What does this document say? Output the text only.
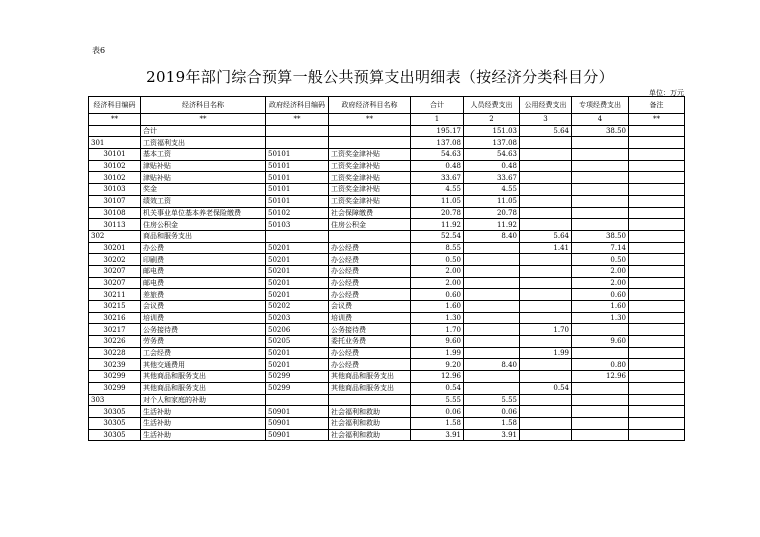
表6
2019年部门综合预算一般公共预算支出明细表（按经济分类科目分）
单位：万元
经济科目编码	经济科目名称	政府经济科目编码	政府经济科目名称	合计	人员经费支出	公用经费支出	专项经费支出	备注
**	**	**	**	1	2	3	4	**
	合计			195.17	151.03	5.64	38.50	
301	工资福利支出			137.08	137.08			
30101	基本工资	50101	工资奖金津补贴	54.63	54.63			
30102	津贴补贴	50101	工资奖金津补贴	0.48	0.48			
30102	津贴补贴	50101	工资奖金津补贴	33.67	33.67			
30103	奖金	50101	工资奖金津补贴	4.55	4.55			
30107	绩效工资	50101	工资奖金津补贴	11.05	11.05			
30108	机关事业单位基本养老保险缴费	50102	社会保障缴费	20.78	20.78			
30113	住房公积金	50103	住房公积金	11.92	11.92			
302	商品和服务支出			52.54	8.40	5.64	38.50	
30201	办公费	50201	办公经费	8.55		1.41	7.14	
30202	印刷费	50201	办公经费	0.50			0.50	
30207	邮电费	50201	办公经费	2.00			2.00	
30207	邮电费	50201	办公经费	2.00			2.00	
30211	差旅费	50201	办公经费	0.60			0.60	
30215	会议费	50202	会议费	1.60			1.60	
30216	培训费	50203	培训费	1.30			1.30	
30217	公务接待费	50206	公务接待费	1.70		1.70		
30226	劳务费	50205	委托业务费	9.60			9.60	
30228	工会经费	50201	办公经费	1.99		1.99		
30239	其他交通费用	50201	办公经费	9.20	8.40		0.80	
30299	其他商品和服务支出	50299	其他商品和服务支出	12.96			12.96	
30299	其他商品和服务支出	50299	其他商品和服务支出	0.54		0.54		
303	对个人和家庭的补助			5.55	5.55			
30305	生活补助	50901	社会福利和救助	0.06	0.06			
30305	生活补助	50901	社会福利和救助	1.58	1.58			
30305	生活补助	50901	社会福利和救助	3.91	3.91			
